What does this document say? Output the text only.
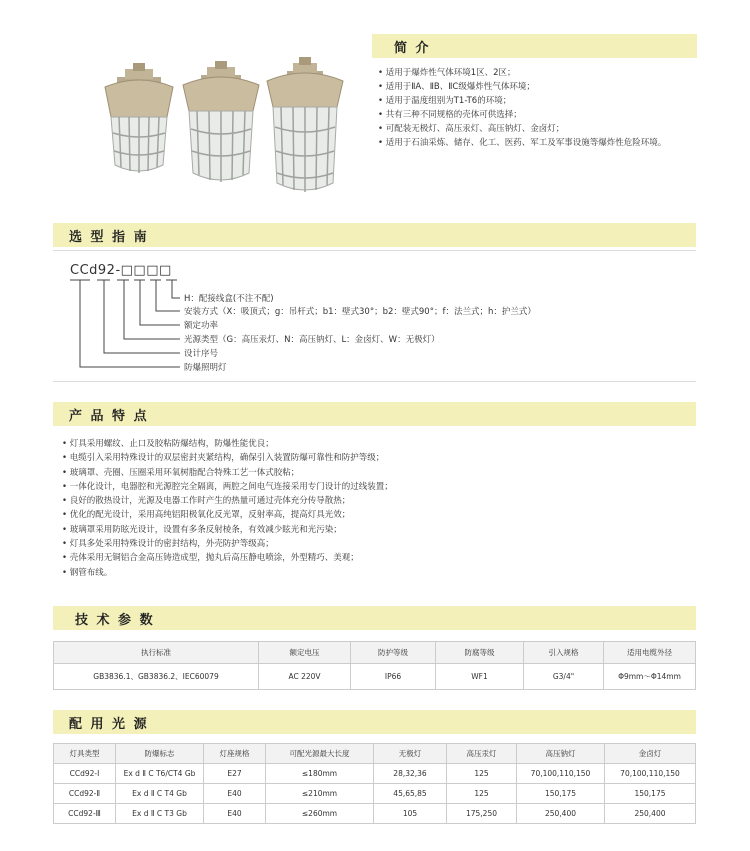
简 介
• 适用于爆炸性气体环境1区、2区；
• 适用于ⅡA、ⅡB、ⅡC级爆炸性气体环境；
• 适用于温度组别为T1-T6的环境；
• 共有三种不同规格的壳体可供选择；
• 可配装无极灯、高压汞灯、高压钠灯、金卤灯；
• 适用于石油采炼、储存、化工、医药、军工及军事设施等爆炸性危险环境。
选 型 指 南
CCd92-□□□□
H：配接线盒(不注不配)
安装方式（X：吸顶式；g：吊杆式；b1：壁式30°；b2：壁式90°；f：法兰式；h：护兰式）
额定功率
光源类型（G：高压汞灯、N：高压钠灯、L：金卤灯、W：无极灯）
设计序号
防爆照明灯
产 品 特 点
• 灯具采用螺纹、止口及胶粘防爆结构，防爆性能优良；
• 电缆引入采用特殊设计的双层密封夹紧结构，确保引入装置防爆可靠性和防护等级；
• 玻璃罩、壳圈、压圈采用环氧树脂配合特殊工艺一体式胶粘；
• 一体化设计，电器腔和光源腔完全隔离，两腔之间电气连接采用专门设计的过线装置；
• 良好的散热设计，光源及电器工作时产生的热量可通过壳体充分传导散热；
• 优化的配光设计，采用高纯铝阳极氧化反光罩，反射率高，提高灯具光效；
• 玻璃罩采用防眩光设计，设置有多条反射棱条，有效减少眩光和光污染；
• 灯具多处采用特殊设计的密封结构，外壳防护等级高；
• 壳体采用无铜铝合金高压铸造成型，抛丸后高压静电喷涂，外型精巧、美观；
• 钢管布线。
技 术 参 数
执行标准	额定电压	防护等级	防腐等级	引入规格	适用电缆外径
GB3836.1、GB3836.2、IEC60079	AC 220V	IP66	WF1	G3/4"	Φ9mm～Φ14mm
配 用 光 源
灯具类型	防爆标志	灯座规格	可配光源最大长度	无极灯	高压汞灯	高压钠灯	金卤灯
CCd92-Ⅰ	Ex d Ⅱ C T6/CT4 Gb	E27	≤180mm	28,32,36	125	70,100,110,150	70,100,110,150
CCd92-Ⅱ	Ex d Ⅱ C T4 Gb	E40	≤210mm	45,65,85	125	150,175	150,175
CCd92-Ⅲ	Ex d Ⅱ C T3 Gb	E40	≤260mm	105	175,250	250,400	250,400
